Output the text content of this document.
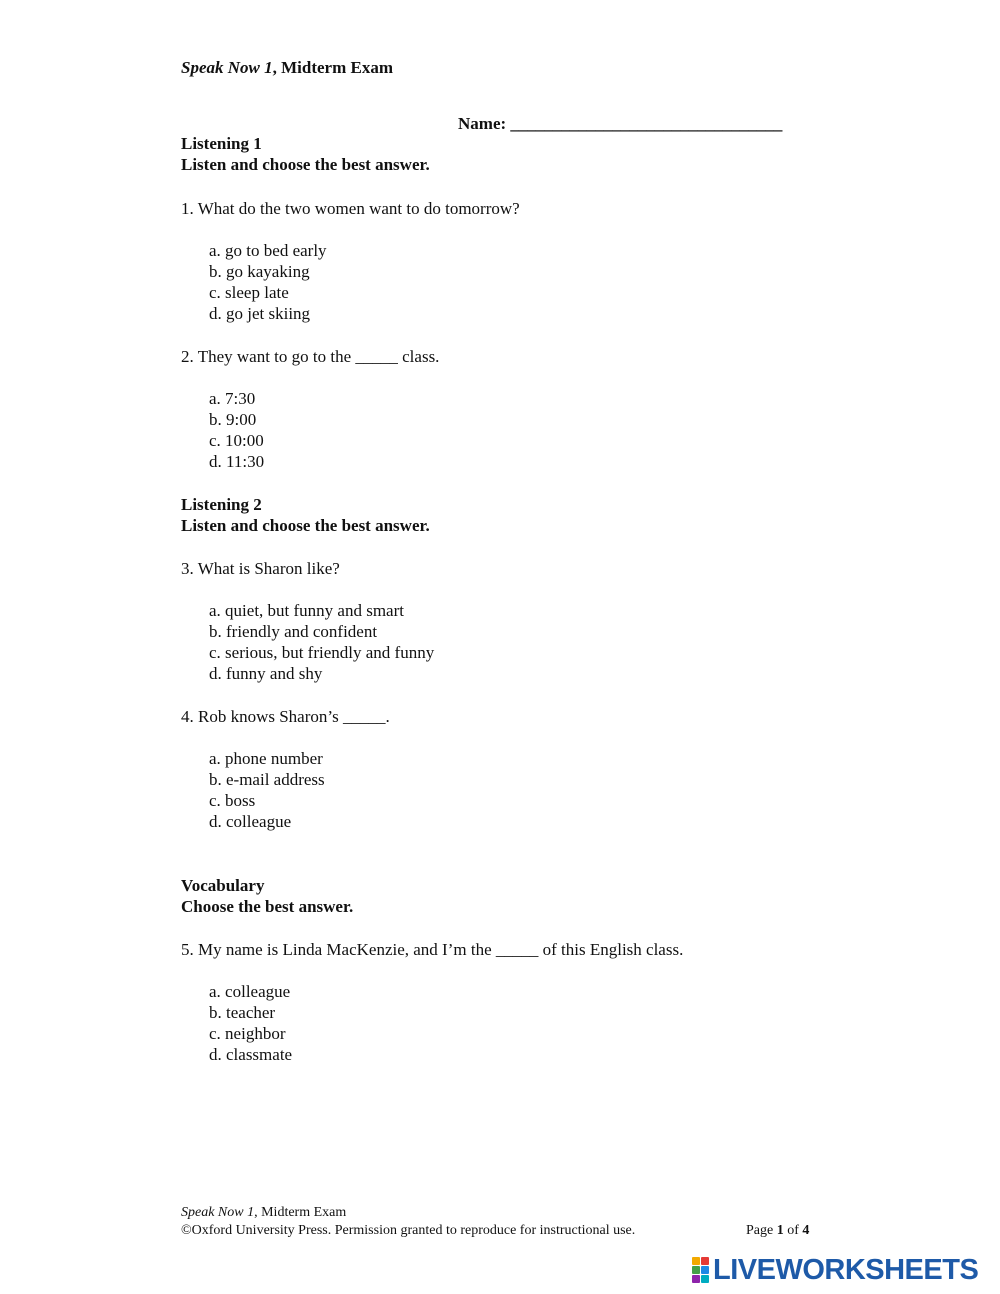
Speak Now 1, Midterm Exam
Name: ________________________________
Listening 1
Listen and choose the best answer.
1. What do the two women want to do tomorrow?
a. go to bed early
b. go kayaking
c. sleep late
d. go jet skiing
2. They want to go to the _____ class.
a. 7:30
b. 9:00
c. 10:00
d. 11:30
Listening 2
Listen and choose the best answer.
3. What is Sharon like?
a. quiet, but funny and smart
b. friendly and confident
c. serious, but friendly and funny
d. funny and shy
4. Rob knows Sharon’s _____.
a. phone number
b. e-mail address
c. boss
d. colleague
Vocabulary
Choose the best answer.
5. My name is Linda MacKenzie, and I’m the _____ of this English class.
a. colleague
b. teacher
c. neighbor
d. classmate
Speak Now 1, Midterm Exam
©Oxford University Press. Permission granted to reproduce for instructional use.	Page 1 of 4
LIVEWORKSHEETS
